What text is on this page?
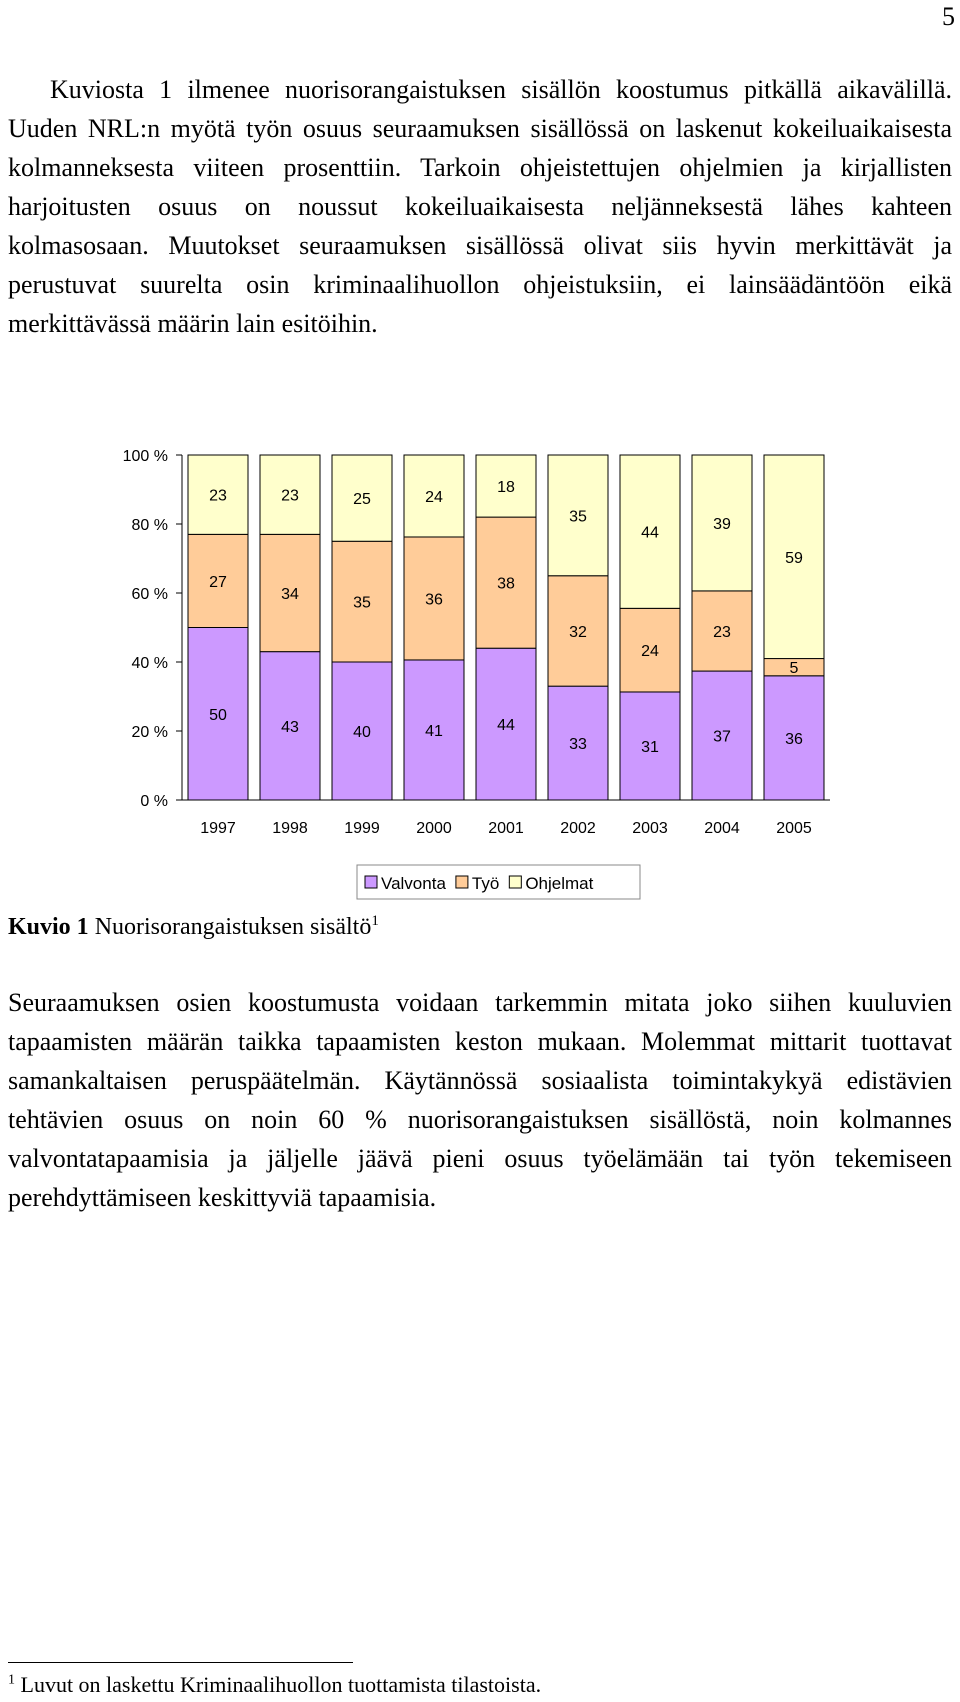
5

Kuviosta 1 ilmenee nuorisorangaistuksen sisällön koostumus pitkällä aikavälillä. Uuden NRL:n myötä työn osuus seuraamuksen sisällössä on laskenut kokeiluaikaisesta kolmanneksesta viiteen prosenttiin. Tarkoin ohjeistettujen ohjelmien ja kirjallisten harjoitusten osuus on noussut kokeiluaikaisesta neljänneksestä lähes kahteen kolmasosaan. Muutokset seuraamuksen sisällössä olivat siis hyvin merkittävät ja perustuvat suurelta osin kriminaalihuollon ohjeistuksiin, ei lainsäädäntöön eikä merkittävässä määrin lain esitöihin.

0 %
20 %
40 %
60 %
80 %
100 %
50
27
23
43
34
23
40
35
25
41
36
24
44
38
18
33
32
35
31
24
44
37
23
39
36
5
59
1997 1998 1999 2000 2001 2002 2003 2004 2005
Valvonta Työ Ohjelmat
Kuvio 1 Nuorisorangaistuksen sisältö$^1$

Seuraamuksen osien koostumusta voidaan tarkemmin mitata joko siihen kuuluvien tapaamisten määrän taikka tapaamisten keston mukaan. Molemmat mittarit tuottavat samankaltaisen peruspäätelmän. Käytännössä sosiaalista toimintakykyä edistävien tehtävien osuus on noin 60 % nuorisorangaistuksen sisällöstä, noin kolmannes valvontatapaamisia ja jäljelle jäävä pieni osuus työelämään tai työn tekemiseen perehdyttämiseen keskittyviä tapaamisia.

$^1$ Luvut on laskettu Kriminaalihuollon tuottamista tilastoista.
